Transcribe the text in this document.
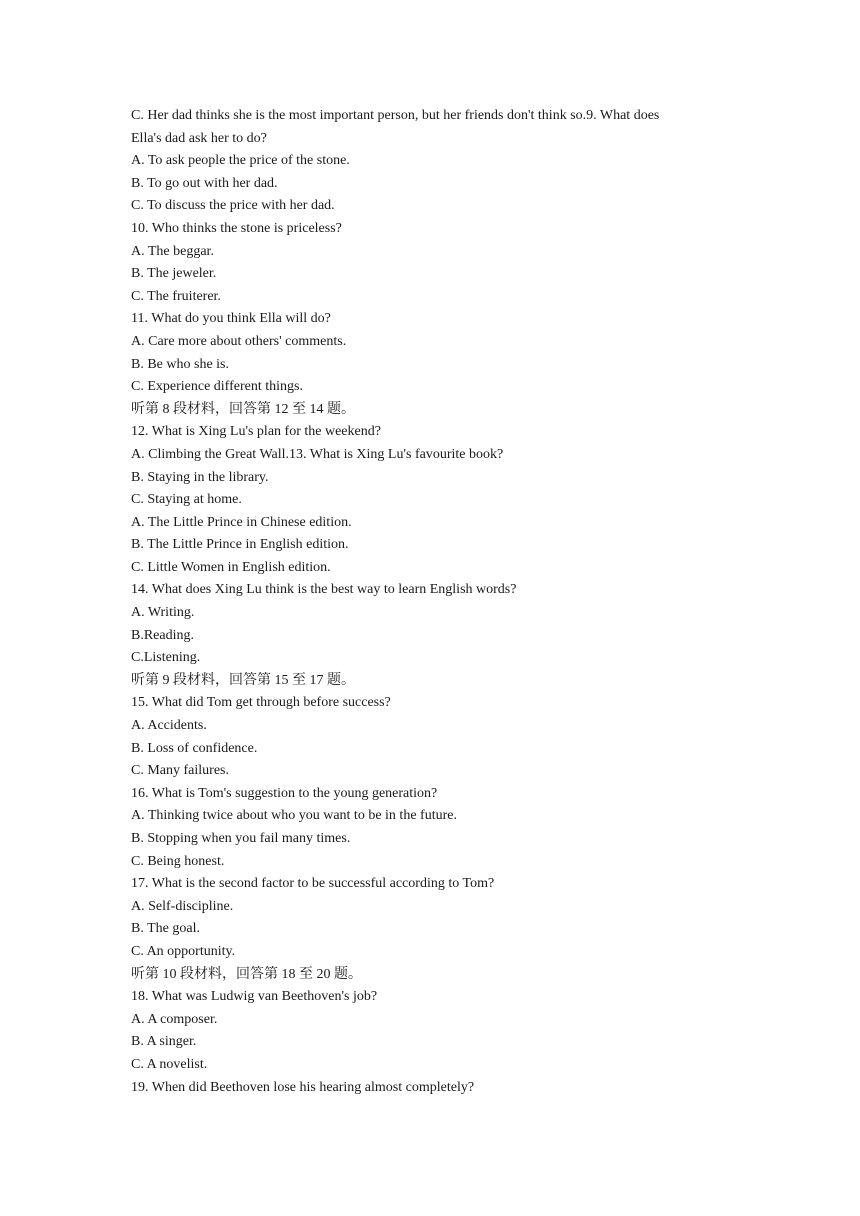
C. Her dad thinks she is the most important person, but her friends don't think so.9. What does
Ella's dad ask her to do?
A. To ask people the price of the stone.
B. To go out with her dad.
C. To discuss the price with her dad.
10. Who thinks the stone is priceless?
A. The beggar.
B. The jeweler.
C. The fruiterer.
11. What do you think Ella will do?
A. Care more about others' comments.
B. Be who she is.
C. Experience different things.
听第 8 段材料，回答第 12 至 14 题。
12. What is Xing Lu's plan for the weekend?
A. Climbing the Great Wall.13. What is Xing Lu's favourite book?
B. Staying in the library.
C. Staying at home.
A. The Little Prince in Chinese edition.
B. The Little Prince in English edition.
C. Little Women in English edition.
14. What does Xing Lu think is the best way to learn English words?
A. Writing.
B.Reading.
C.Listening.
听第 9 段材料，回答第 15 至 17 题。
15. What did Tom get through before success?
A. Accidents.
B. Loss of confidence.
C. Many failures.
16. What is Tom's suggestion to the young generation?
A. Thinking twice about who you want to be in the future.
B. Stopping when you fail many times.
C. Being honest.
17. What is the second factor to be successful according to Tom?
A. Self-discipline.
B. The goal.
C. An opportunity.
听第 10 段材料，回答第 18 至 20 题。
18. What was Ludwig van Beethoven's job?
A. A composer.
B. A singer.
C. A novelist.
19. When did Beethoven lose his hearing almost completely?
